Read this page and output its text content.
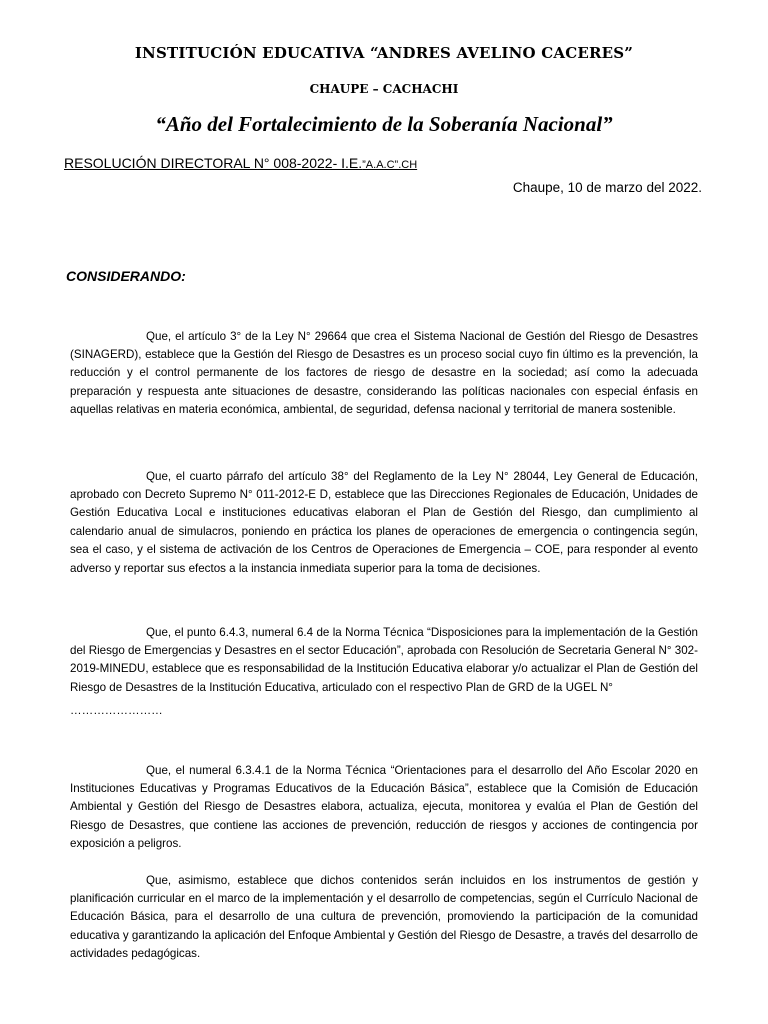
INSTITUCIÓN EDUCATIVA “ANDRES AVELINO CACERES”
CHAUPE – CACHACHI
“Año del Fortalecimiento de la Soberanía Nacional”
RESOLUCIÓN DIRECTORAL N° 008-2022- I.E.”A.A.C”.CH
Chaupe, 10 de marzo del 2022.
CONSIDERANDO:

Que, el artículo 3° de la Ley N° 29664 que crea el Sistema Nacional de Gestión del Riesgo de Desastres (SINAGERD), establece que la Gestión del Riesgo de Desastres es un proceso social cuyo fin último es la prevención, la reducción y el control permanente de los factores de riesgo de desastre en la sociedad; así como la adecuada preparación y respuesta ante situaciones de desastre, considerando las políticas nacionales con especial énfasis en aquellas relativas en materia económica, ambiental, de seguridad, defensa nacional y territorial de manera sostenible.

Que, el cuarto párrafo del artículo 38° del Reglamento de la Ley N° 28044, Ley General de Educación, aprobado con Decreto Supremo N° 011-2012-E D, establece que las Direcciones Regionales de Educación, Unidades de Gestión Educativa Local e instituciones educativas elaboran el Plan de Gestión del Riesgo, dan cumplimiento al calendario anual de simulacros, poniendo en práctica los planes de operaciones de emergencia o contingencia según, sea el caso, y el sistema de activación de los Centros de Operaciones de Emergencia – COE, para responder al evento adverso y reportar sus efectos a la instancia inmediata superior para la toma de decisiones.

Que, el punto 6.4.3, numeral 6.4 de la Norma Técnica “Disposiciones para la implementación de la Gestión del Riesgo de Emergencias y Desastres en el sector Educación”, aprobada con Resolución de Secretaria General N° 302-2019-MINEDU, establece que es responsabilidad de la Institución Educativa elaborar y/o actualizar el Plan de Gestión del Riesgo de Desastres de la Institución Educativa, articulado con el respectivo Plan de GRD de la UGEL N°

……………………

Que, el numeral 6.3.4.1 de la Norma Técnica “Orientaciones para el desarrollo del Año Escolar 2020 en Instituciones Educativas y Programas Educativos de la Educación Básica”, establece que la Comisión de Educación Ambiental y Gestión del Riesgo de Desastres elabora, actualiza, ejecuta, monitorea y evalúa el Plan de Gestión del Riesgo de Desastres, que contiene las acciones de prevención, reducción de riesgos y acciones de contingencia por exposición a peligros.

Que, asimismo, establece que dichos contenidos serán incluidos en los instrumentos de gestión y planificación curricular en el marco de la implementación y el desarrollo de competencias, según el Currículo Nacional de Educación Básica, para el desarrollo de una cultura de prevención, promoviendo la participación de la comunidad educativa y garantizando la aplicación del Enfoque Ambiental y Gestión del Riesgo de Desastre, a través del desarrollo de actividades pedagógicas.
